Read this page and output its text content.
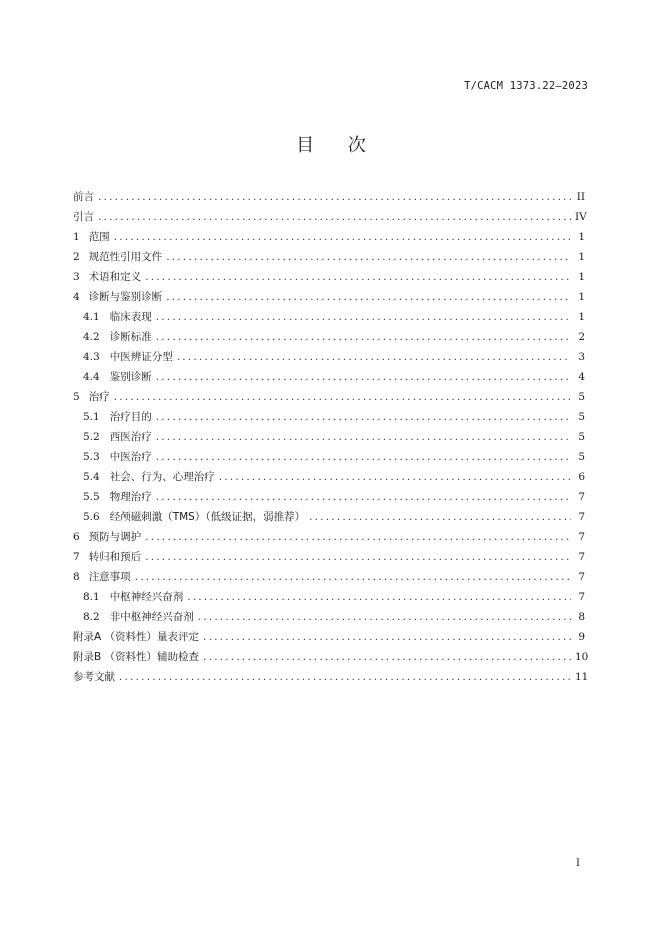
T/CACM 1373.22—2023
目 次
前言 .....	II
引言 .....	IV
1 范围 .....	1
2 规范性引用文件 .....	1
3 术语和定义 .....	1
4 诊断与鉴别诊断 .....	1
4.1 临床表现 .....	1
4.2 诊断标准 .....	2
4.3 中医辨证分型 .....	3
4.4 鉴别诊断 .....	4
5 治疗 .....	5
5.1 治疗目的 .....	5
5.2 西医治疗 .....	5
5.3 中医治疗 .....	5
5.4 社会、行为、心理治疗 .....	6
5.5 物理治疗 .....	7
5.6 经颅磁刺激（TMS）（低级证据，弱推荐） .....	7
6 预防与调护 .....	7
7 转归和预后 .....	7
8 注意事项 .....	7
8.1 中枢神经兴奋剂 .....	7
8.2 非中枢神经兴奋剂 .....	8
附录A （资料性）量表评定 .....	9
附录B （资料性）辅助检查 .....	10
参考文献 .....	11
I
